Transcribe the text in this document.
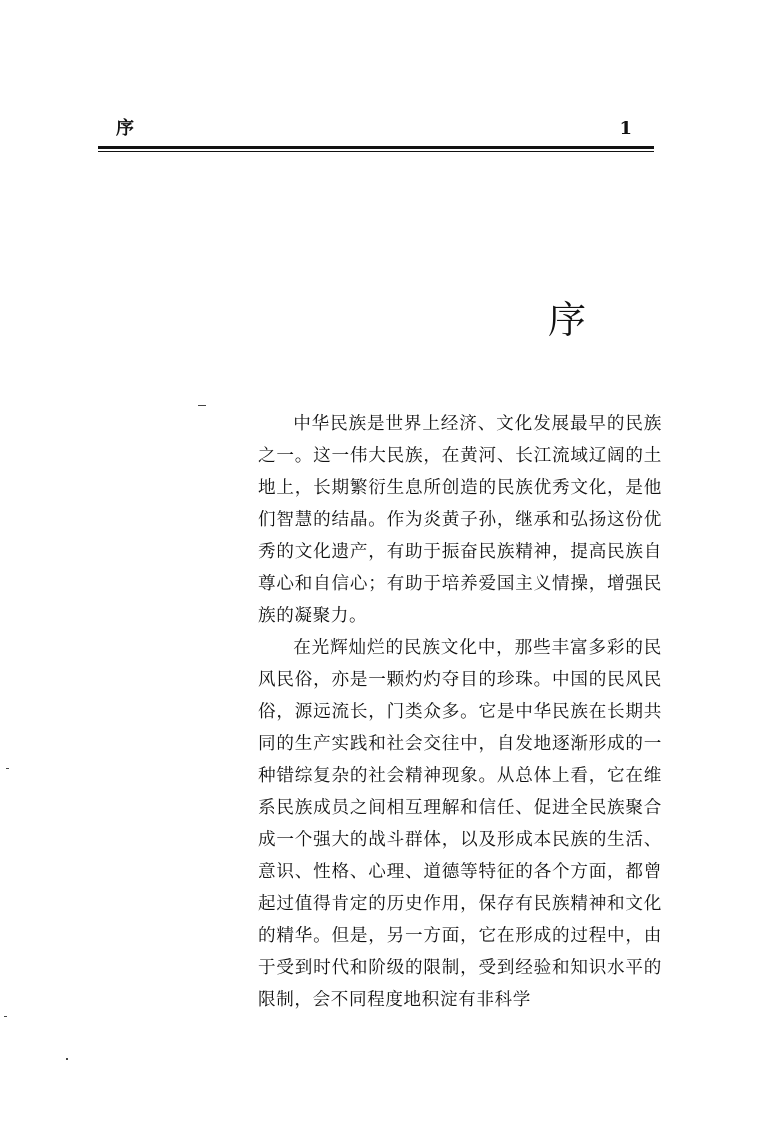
序	1
序

中华民族是世界上经济、文化发展最早的民族之一。这一伟大民族，在黄河、长江流域辽阔的土地上，长期繁衍生息所创造的民族优秀文化，是他们智慧的结晶。作为炎黄子孙，继承和弘扬这份优秀的文化遗产，有助于振奋民族精神，提高民族自尊心和自信心；有助于培养爱国主义情操，增强民族的凝聚力。

在光辉灿烂的民族文化中，那些丰富多彩的民风民俗，亦是一颗灼灼夺目的珍珠。中国的民风民俗，源远流长，门类众多。它是中华民族在长期共同的生产实践和社会交往中，自发地逐渐形成的一种错综复杂的社会精神现象。从总体上看，它在维系民族成员之间相互理解和信任、促进全民族聚合成一个强大的战斗群体，以及形成本民族的生活、意识、性格、心理、道德等特征的各个方面，都曾起过值得肯定的历史作用，保存有民族精神和文化的精华。但是，另一方面，它在形成的过程中，由于受到时代和阶级的限制，受到经验和知识水平的限制，会不同程度地积淀有非科学
